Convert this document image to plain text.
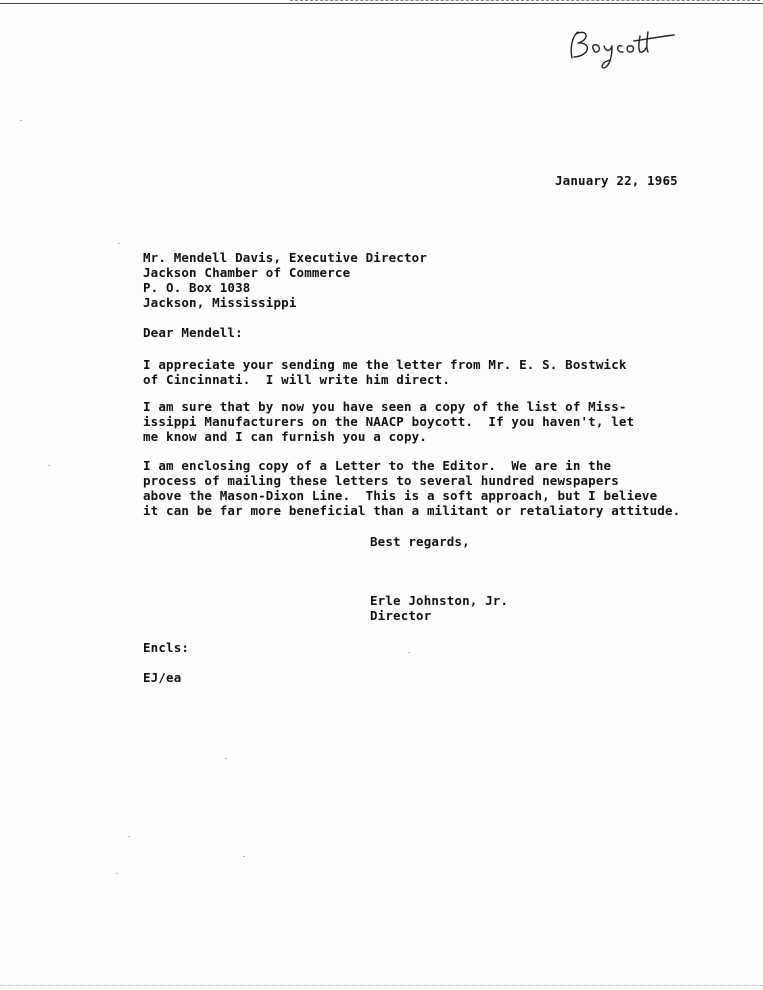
January 22, 1965
Mr. Mendell Davis, Executive Director
Jackson Chamber of Commerce
P. O. Box 1038
Jackson, Mississippi
Dear Mendell:
I appreciate your sending me the letter from Mr. E. S. Bostwick
of Cincinnati.  I will write him direct.
I am sure that by now you have seen a copy of the list of Miss-
issippi Manufacturers on the NAACP boycott.  If you haven't, let
me know and I can furnish you a copy.
I am enclosing copy of a Letter to the Editor.  We are in the
process of mailing these letters to several hundred newspapers
above the Mason-Dixon Line.  This is a soft approach, but I believe
it can be far more beneficial than a militant or retaliatory attitude.
Best regards,
Erle Johnston, Jr.
Director
Encls:
EJ/ea
